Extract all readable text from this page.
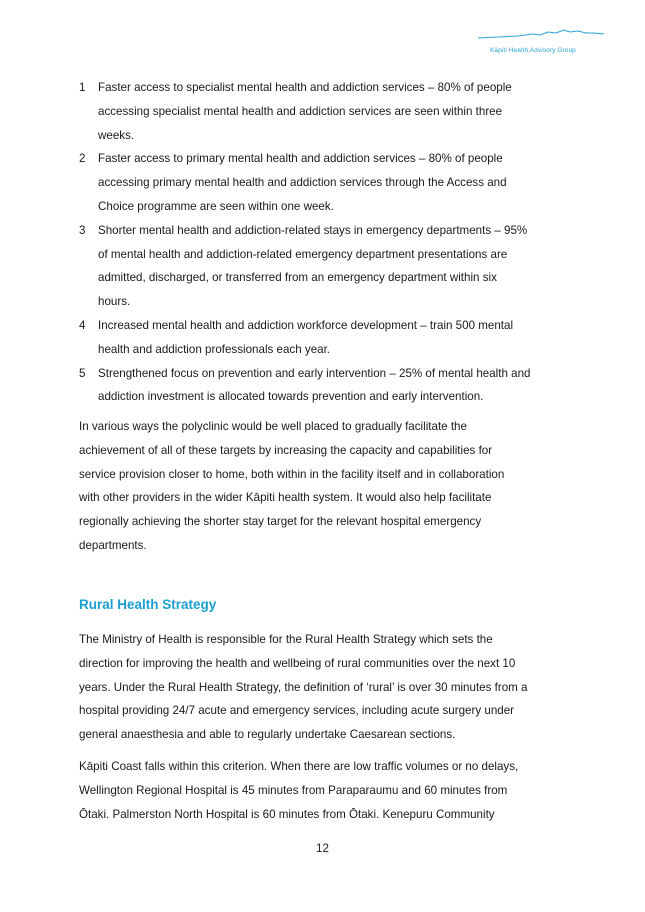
Kāpiti Health Advisory Group
1	Faster access to specialist mental health and addiction services – 80% of people
accessing specialist mental health and addiction services are seen within three
weeks.
2	Faster access to primary mental health and addiction services – 80% of people
accessing primary mental health and addiction services through the Access and
Choice programme are seen within one week.
3	Shorter mental health and addiction-related stays in emergency departments – 95%
of mental health and addiction-related emergency department presentations are
admitted, discharged, or transferred from an emergency department within six
hours.
4	Increased mental health and addiction workforce development – train 500 mental
health and addiction professionals each year.
5	Strengthened focus on prevention and early intervention – 25% of mental health and
addiction investment is allocated towards prevention and early intervention.
In various ways the polyclinic would be well placed to gradually facilitate the
achievement of all of these targets by increasing the capacity and capabilities for
service provision closer to home, both within in the facility itself and in collaboration
with other providers in the wider Kāpiti health system. It would also help facilitate
regionally achieving the shorter stay target for the relevant hospital emergency
departments.
Rural Health Strategy
The Ministry of Health is responsible for the Rural Health Strategy which sets the
direction for improving the health and wellbeing of rural communities over the next 10
years. Under the Rural Health Strategy, the definition of ‘rural’ is over 30 minutes from a
hospital providing 24/7 acute and emergency services, including acute surgery under
general anaesthesia and able to regularly undertake Caesarean sections.
Kāpiti Coast falls within this criterion. When there are low traffic volumes or no delays,
Wellington Regional Hospital is 45 minutes from Paraparaumu and 60 minutes from
Ōtaki. Palmerston North Hospital is 60 minutes from Ōtaki. Kenepuru Community
12
